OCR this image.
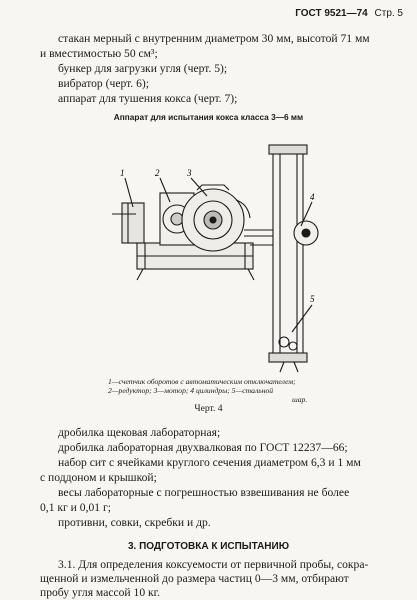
ГОСТ 9521—74 Стр. 5
стакан мерный с внутренним диаметром 30 мм, высотой 71 мм
и вместимостью 50 см³;
бункер для загрузки угля (черт. 5);
вибратор (черт. 6);
аппарат для тушения кокса (черт. 7);
Аппарат для испытания кокса класса 3—6 мм
1	2	3
4
5
1—счетчик оборотов с автоматическим отключателем;
2—редуктор; 3—мотор; 4 цилиндры; 5—стальной
шар.
Черт. 4
дробилка щековая лабораторная;
дробилка лабораторная двухвалковая по ГОСТ 12237—66;
набор сит с ячейками круглого сечения диаметром 6,3 и 1 мм
с поддоном и крышкой;
весы лабораторные с погрешностью взвешивания не более
0,1 кг и 0,01 г;
противни, совки, скребки и др.
3. ПОДГОТОВКА К ИСПЫТАНИЮ
3.1. Для определения коксуемости от первичной пробы, сокра-
щенной и измельченной до размера частиц 0—3 мм, отбирают
пробу угля массой 10 кг.
